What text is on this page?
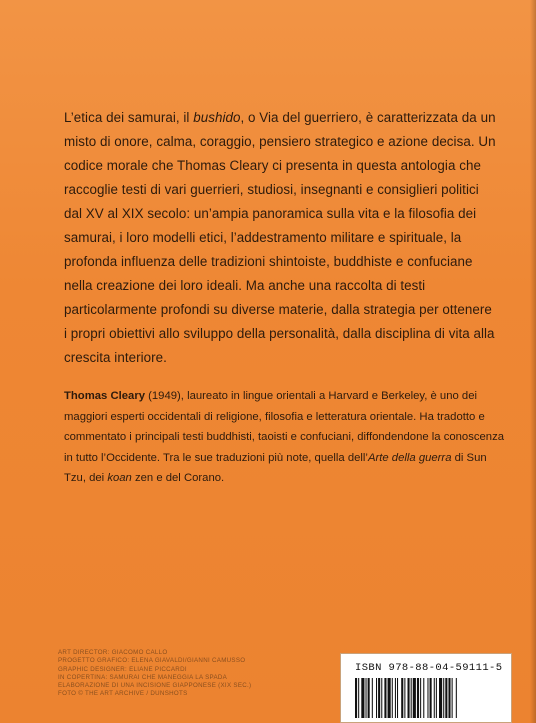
L’etica dei samurai, il bushido, o Via del guerriero, è caratterizzata da un misto di onore, calma, coraggio, pensiero strategico e azione decisa. Un codice morale che Thomas Cleary ci presenta in questa antologia che raccoglie testi di vari guerrieri, studiosi, insegnanti e consiglieri politici dal XV al XIX secolo: un’ampia panoramica sulla vita e la filosofia dei samurai, i loro modelli etici, l’addestramento militare e spirituale, la profonda influenza delle tradizioni shintoiste, buddhiste e confuciane nella creazione dei loro ideali. Ma anche una raccolta di testi particolarmente profondi su diverse materie, dalla strategia per ottenere i propri obiettivi allo sviluppo della personalità, dalla disciplina di vita alla crescita interiore.

Thomas Cleary (1949), laureato in lingue orientali a Harvard e Berkeley, è uno dei maggiori esperti occidentali di religione, filosofia e letteratura orientale. Ha tradotto e commentato i principali testi buddhisti, taoisti e confuciani, diffondendone la conoscenza in tutto l’Occidente. Tra le sue traduzioni più note, quella dell’Arte della guerra di Sun Tzu, dei koan zen e del Corano.

ART DIRECTOR: GIACOMO CALLO
PROGETTO GRAFICO: ELENA GIAVALDI/GIANNI CAMUSSO
GRAPHIC DESIGNER: ELIANE PICCARDI
IN COPERTINA: SAMURAI CHE MANEGGIA LA SPADA
ELABORAZIONE DI UNA INCISIONE GIAPPONESE (XIX SEC.)
FOTO © THE ART ARCHIVE / DUNSHOTS
ISBN 978-88-04-59111-5
